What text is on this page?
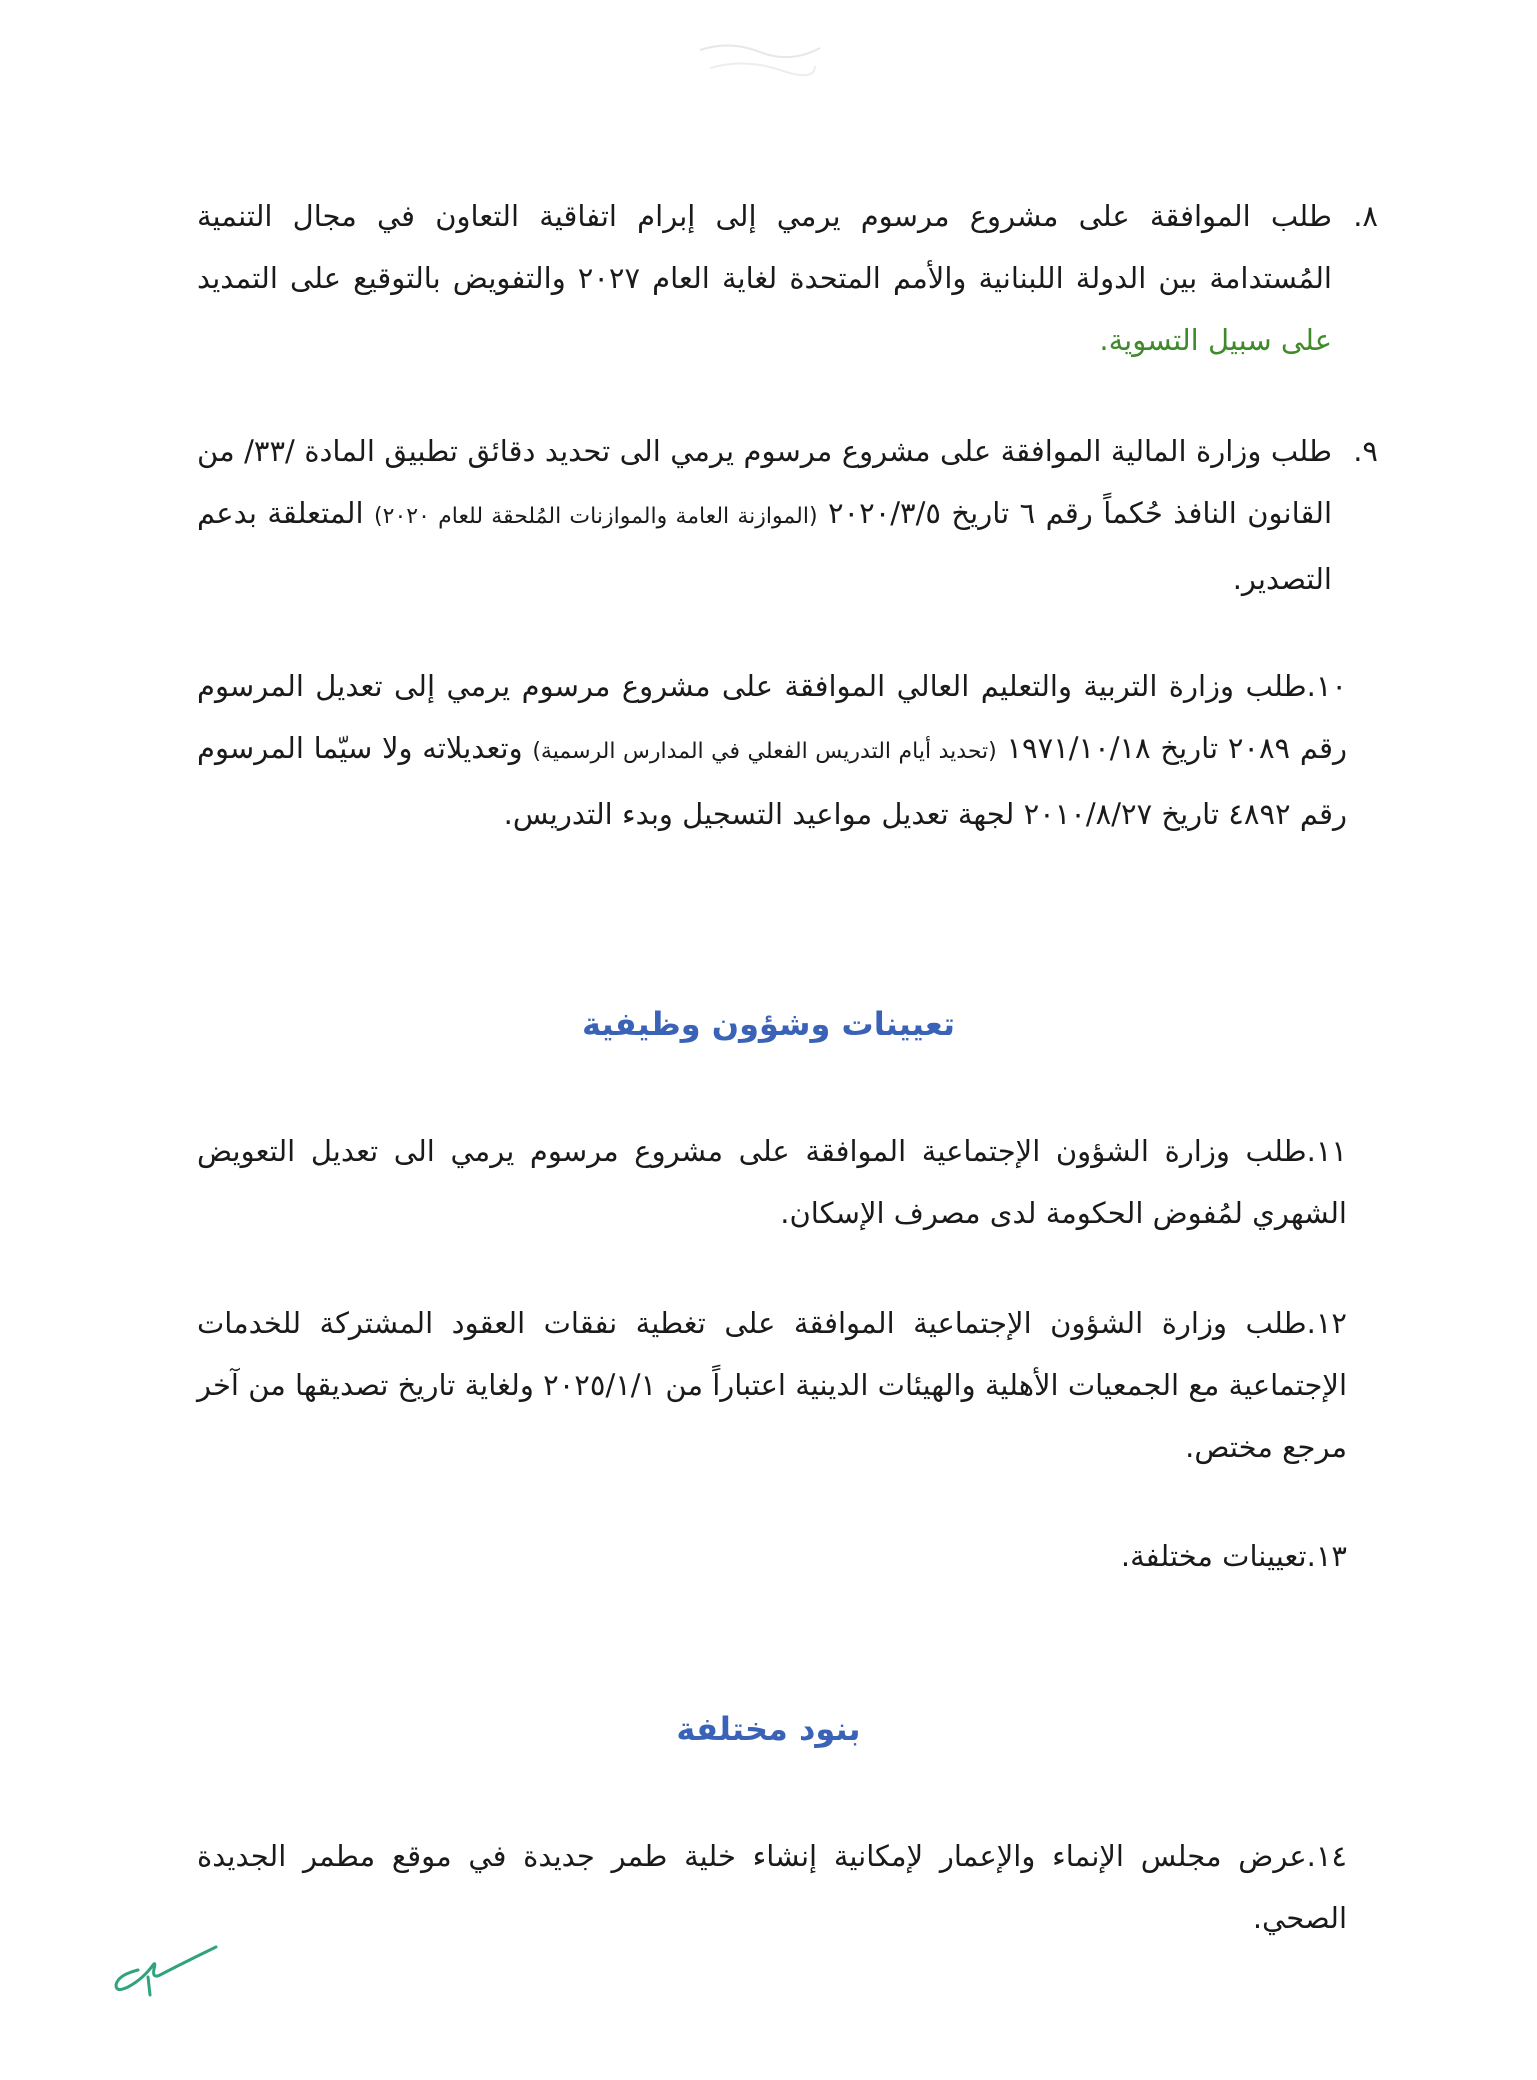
٨.
طلب الموافقة على مشروع مرسوم يرمي إلى إبرام اتفاقية التعاون في مجال التنمية المُستدامة بين الدولة اللبنانية والأمم المتحدة لغاية العام ٢٠٢٧ والتفويض بالتوقيع على التمديد على سبيل التسوية.
٩.
طلب وزارة المالية الموافقة على مشروع مرسوم يرمي الى تحديد دقائق تطبيق المادة /٣٣/ من القانون النافذ حُكماً رقم ٦ تاريخ ٢٠٢٠/٣/٥ (الموازنة العامة والموازنات المُلحقة للعام ٢٠٢٠) المتعلقة بدعم التصدير.
١٠.طلب وزارة التربية والتعليم العالي الموافقة على مشروع مرسوم يرمي إلى تعديل المرسوم رقم ٢٠٨٩ تاريخ ١٩٧١/١٠/١٨ (تحديد أيام التدريس الفعلي في المدارس الرسمية) وتعديلاته ولا سيّما المرسوم رقم ٤٨٩٢ تاريخ ٢٠١٠/٨/٢٧ لجهة تعديل مواعيد التسجيل وبدء التدريس.
تعيينات وشؤون وظيفية
١١.طلب وزارة الشؤون الإجتماعية الموافقة على مشروع مرسوم يرمي الى تعديل التعويض الشهري لمُفوض الحكومة لدى مصرف الإسكان.
١٢.طلب وزارة الشؤون الإجتماعية الموافقة على تغطية نفقات العقود المشتركة للخدمات الإجتماعية مع الجمعيات الأهلية والهيئات الدينية اعتباراً من ٢٠٢٥/١/١ ولغاية تاريخ تصديقها من آخر مرجع مختص.
١٣.تعيينات مختلفة.
بنود مختلفة
١٤.عرض مجلس الإنماء والإعمار لإمكانية إنشاء خلية طمر جديدة في موقع مطمر الجديدة الصحي.
